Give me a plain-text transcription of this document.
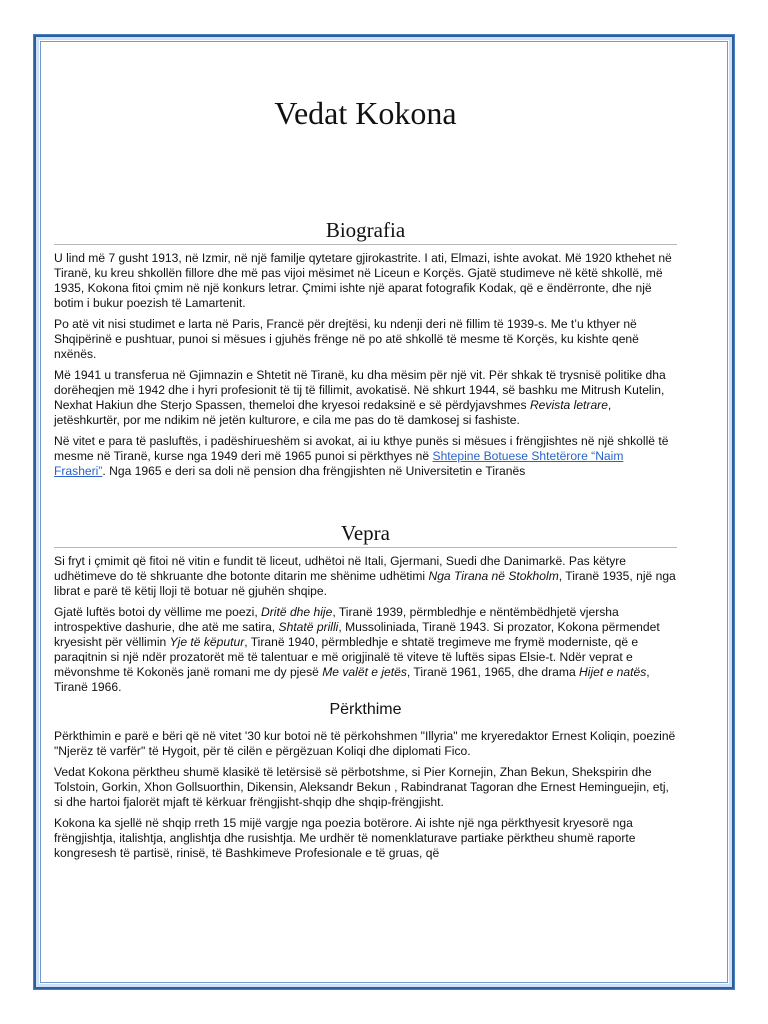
Vedat Kokona
Biografia

U lind më 7 gusht 1913, në Izmir, në një familje qytetare gjirokastrite. I ati, Elmazi, ishte avokat. Më 1920 kthehet në Tiranë, ku kreu shkollën fillore dhe më pas vijoi mësimet në Liceun e Korçës. Gjatë studimeve në këtë shkollë, më 1935, Kokona fitoi çmim në një konkurs letrar. Çmimi ishte një aparat fotografik Kodak, që e ëndërronte, dhe një botim i bukur poezish të Lamartenit.

Po atë vit nisi studimet e larta në Paris, Francë për drejtësi, ku ndenji deri në fillim të 1939-s. Me t’u kthyer në Shqipërinë e pushtuar, punoi si mësues i gjuhës frënge në po atë shkollë të mesme të Korçës, ku kishte qenë nxënës.

Më 1941 u transferua në Gjimnazin e Shtetit në Tiranë, ku dha mësim për një vit. Për shkak të trysnisë politike dha dorëheqjen më 1942 dhe i hyri profesionit të tij të fillimit, avokatisë. Në shkurt 1944, së bashku me Mitrush Kutelin, Nexhat Hakiun dhe Sterjo Spassen, themeloi dhe kryesoi redaksinë e së përdyjavshmes Revista letrare, jetëshkurtër, por me ndikim në jetën kulturore, e cila me pas do të damkosej si fashiste.

Në vitet e para të pasluftës, i padëshirueshëm si avokat, ai iu kthye punës si mësues i frëngjishtes në një shkollë të mesme në Tiranë, kurse nga 1949 deri më 1965 punoi si përkthyes në Shtepine Botuese Shtetërore “Naim Frasheri”. Nga 1965 e deri sa doli në pension dha frëngjishten në Universitetin e Tiranës

Vepra

Si fryt i çmimit që fitoi në vitin e fundit të liceut, udhëtoi në Itali, Gjermani, Suedi dhe Danimarkë. Pas këtyre udhëtimeve do të shkruante dhe botonte ditarin me shënime udhëtimi Nga Tirana në Stokholm, Tiranë 1935, një nga librat e parë të këtij lloji të botuar në gjuhën shqipe.

Gjatë luftës botoi dy vëllime me poezi, Dritë dhe hije, Tiranë 1939, përmbledhje e nëntëmbëdhjetë vjersha introspektive dashurie, dhe atë me satira, Shtatë prilli, Mussoliniada, Tiranë 1943. Si prozator, Kokona përmendet kryesisht për vëllimin Yje të këputur, Tiranë 1940, përmbledhje e shtatë tregimeve me frymë moderniste, që e paraqitnin si një ndër prozatorët më të talentuar e më origjinalë të viteve të luftës sipas Elsie-t. Ndër veprat e mëvonshme të Kokonës janë romani me dy pjesë Me valët e jetës, Tiranë 1961, 1965, dhe drama Hijet e natës, Tiranë 1966.

Përkthime

Përkthimin e parë e bëri që në vitet '30 kur botoi në të përkohshmen "Illyria" me kryeredaktor Ernest Koliqin, poezinë "Njerëz të varfër" të Hygoit, për të cilën e përgëzuan Koliqi dhe diplomati Fico.

Vedat Kokona përktheu shumë klasikë të letërsisë së përbotshme, si Pier Kornejin, Zhan Bekun, Shekspirin dhe Tolstoin, Gorkin, Xhon Gollsuorthin, Dikensin, Aleksandr Bekun , Rabindranat Tagoran dhe Ernest Heminguejin, etj, si dhe hartoi fjalorët mjaft të kërkuar frëngjisht-shqip dhe shqip-frëngjisht.

Kokona ka sjellë në shqip rreth 15 mijë vargje nga poezia botërore. Ai ishte një nga përkthyesit kryesorë nga frëngjishtja, italishtja, anglishtja dhe rusishtja. Me urdhër të nomenklaturave partiake përktheu shumë raporte kongresesh të partisë, rinisë, të Bashkimeve Profesionale e të gruas, që
